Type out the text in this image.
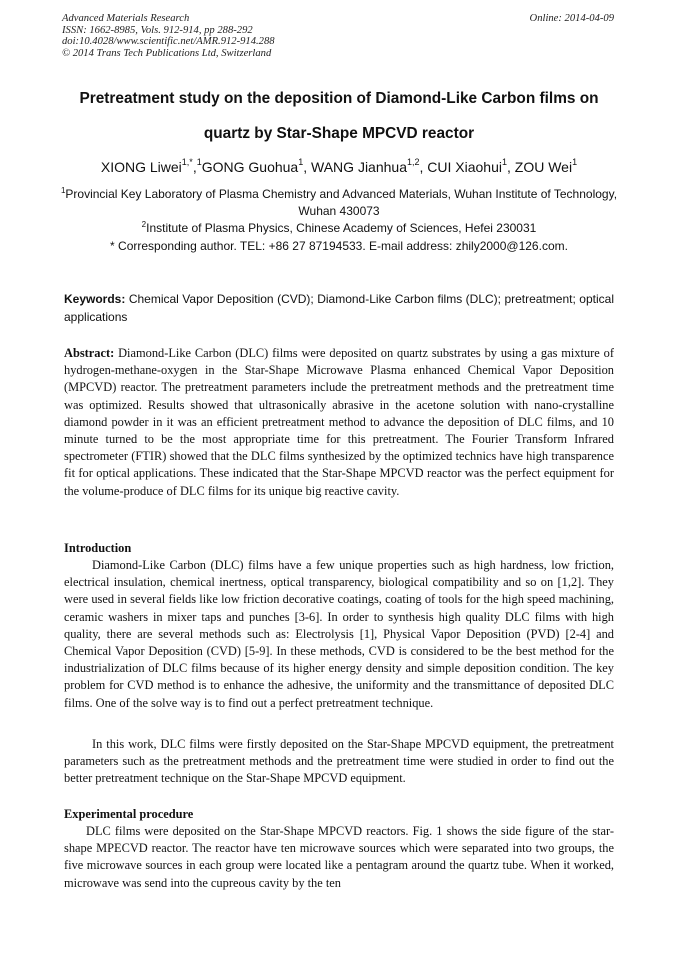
Advanced Materials Research
ISSN: 1662-8985, Vols. 912-914, pp 288-292
doi:10.4028/www.scientific.net/AMR.912-914.288
© 2014 Trans Tech Publications Ltd, Switzerland
Online: 2014-04-09
Pretreatment study on the deposition of Diamond-Like Carbon films on
quartz by Star-Shape MPCVD reactor
XIONG Liwei$^{1,*}$,$^1$GONG Guohua$^1$, WANG Jianhua$^{1,2}$, CUI Xiaohui$^1$, ZOU Wei$^1$
$^1$Provincial Key Laboratory of Plasma Chemistry and Advanced Materials, Wuhan Institute of Technology, Wuhan 430073
$^2$Institute of Plasma Physics, Chinese Academy of Sciences, Hefei 230031
* Corresponding author. TEL: +86 27 87194533. E-mail address: zhily2000@126.com.
Keywords: Chemical Vapor Deposition (CVD); Diamond-Like Carbon films (DLC); pretreatment; optical applications
Abstract: Diamond-Like Carbon (DLC) films were deposited on quartz substrates by using a gas mixture of hydrogen-methane-oxygen in the Star-Shape Microwave Plasma enhanced Chemical Vapor Deposition (MPCVD) reactor. The pretreatment parameters include the pretreatment methods and the pretreatment time was optimized. Results showed that ultrasonically abrasive in the acetone solution with nano-crystalline diamond powder in it was an efficient pretreatment method to advance the deposition of DLC films, and 10 minute turned to be the most appropriate time for this pretreatment. The Fourier Transform Infrared spectrometer (FTIR) showed that the DLC films synthesized by the optimized technics have high transparence fit for optical applications. These indicated that the Star-Shape MPCVD reactor was the perfect equipment for the volume-produce of DLC films for its unique big reactive cavity.
Introduction
Diamond-Like Carbon (DLC) films have a few unique properties such as high hardness, low friction, electrical insulation, chemical inertness, optical transparency, biological compatibility and so on [1,2]. They were used in several fields like low friction decorative coatings, coating of tools for the high speed machining, ceramic washers in mixer taps and punches [3-6]. In order to synthesis high quality DLC films with high quality, there are several methods such as: Electrolysis [1], Physical Vapor Deposition (PVD) [2-4] and Chemical Vapor Deposition (CVD) [5-9]. In these methods, CVD is considered to be the best method for the industrialization of DLC films because of its higher energy density and simple deposition condition. The key problem for CVD method is to enhance the adhesive, the uniformity and the transmittance of deposited DLC films. One of the solve way is to find out a perfect pretreatment technique.
In this work, DLC films were firstly deposited on the Star-Shape MPCVD equipment, the pretreatment parameters such as the pretreatment methods and the pretreatment time were studied in order to find out the better pretreatment technique on the Star-Shape MPCVD equipment.
Experimental procedure
DLC films were deposited on the Star-Shape MPCVD reactors. Fig. 1 shows the side figure of the star-shape MPECVD reactor. The reactor have ten microwave sources which were separated into two groups, the five microwave sources in each group were located like a pentagram around the quartz tube. When it worked, microwave was send into the cupreous cavity by the ten
